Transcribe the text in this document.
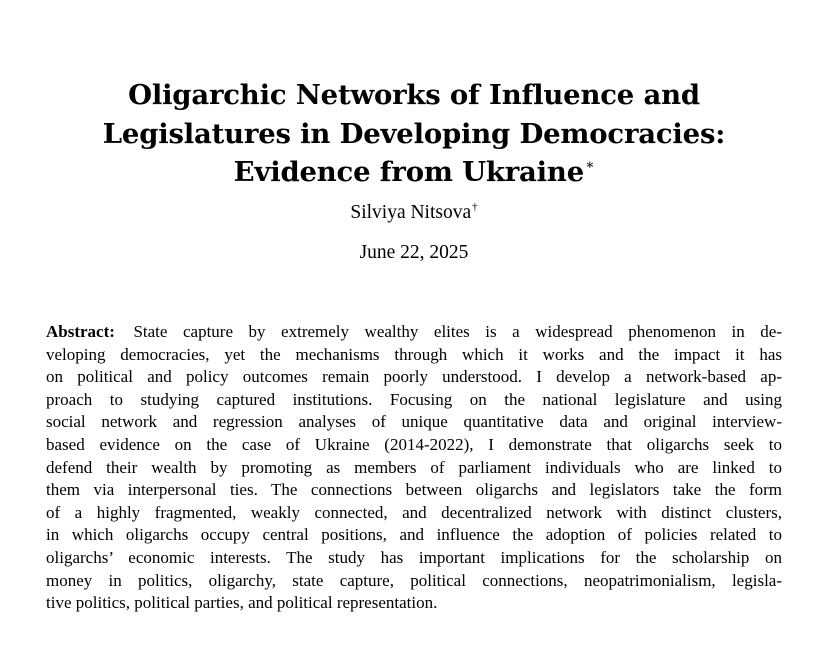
Oligarchic Networks of Influence and
Legislatures in Developing Democracies:
Evidence from Ukraine∗
Silviya Nitsova†
June 22, 2025
Abstract: State capture by extremely wealthy elites is a widespread phenomenon in de-
veloping democracies, yet the mechanisms through which it works and the impact it has
on political and policy outcomes remain poorly understood. I develop a network-based ap-
proach to studying captured institutions. Focusing on the national legislature and using
social network and regression analyses of unique quantitative data and original interview-
based evidence on the case of Ukraine (2014-2022), I demonstrate that oligarchs seek to
defend their wealth by promoting as members of parliament individuals who are linked to
them via interpersonal ties. The connections between oligarchs and legislators take the form
of a highly fragmented, weakly connected, and decentralized network with distinct clusters,
in which oligarchs occupy central positions, and influence the adoption of policies related to
oligarchs’ economic interests. The study has important implications for the scholarship on
money in politics, oligarchy, state capture, political connections, neopatrimonialism, legisla-
tive politics, political parties, and political representation.
